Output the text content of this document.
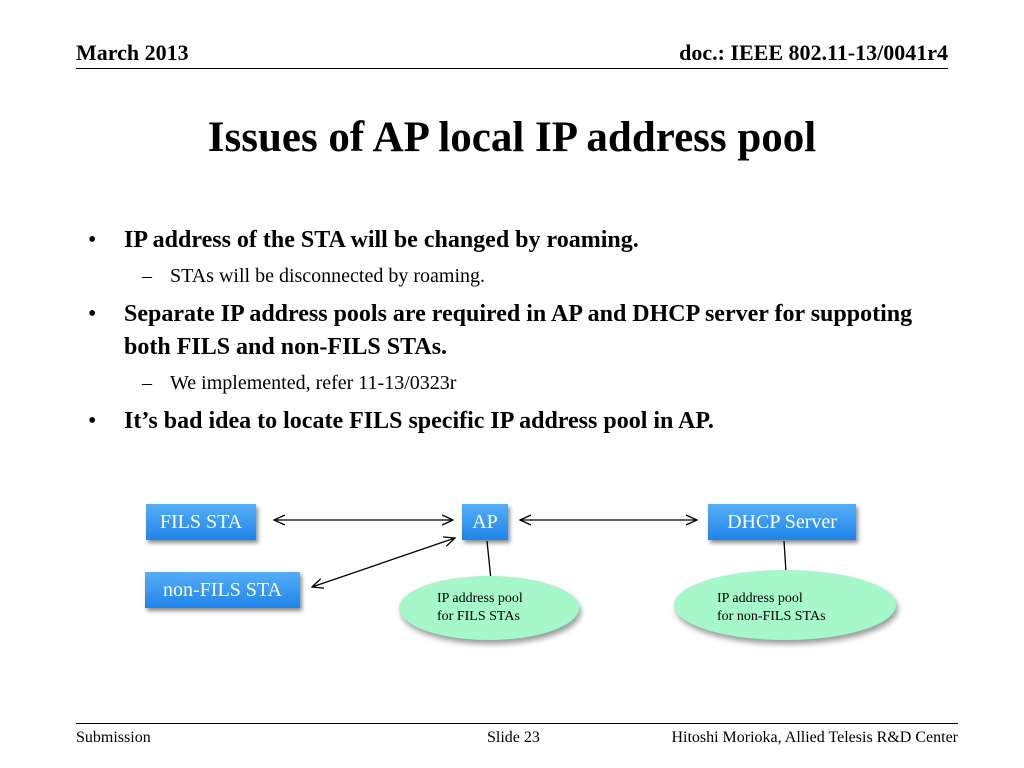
March 2013	doc.: IEEE 802.11-13/0041r4
Issues of AP local IP address pool
• IP address of the STA will be changed by roaming.
– STAs will be disconnected by roaming.
• Separate IP address pools are required in AP and DHCP server for suppoting both FILS and non-FILS STAs.
– We implemented, refer 11-13/0323r
• It’s bad idea to locate FILS specific IP address pool in AP.
FILS STA
non-FILS STA
AP	DHCP Server
IP address pool
for FILS STAs
IP address pool
for non-FILS STAs
Submission	Slide 23	Hitoshi Morioka, Allied Telesis R&D Center
